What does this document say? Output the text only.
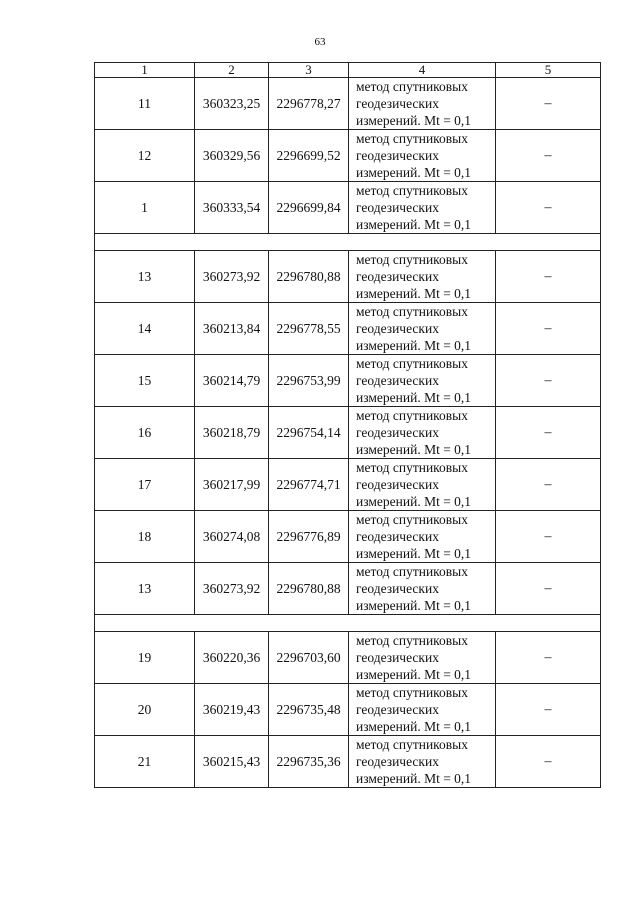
63
1	2	3	4	5
11	360323,25	2296778,27	метод спутниковых
геодезических
измерений. Mt = 0,1	–
12	360329,56	2296699,52	метод спутниковых
геодезических
измерений. Mt = 0,1	–
1	360333,54	2296699,84	метод спутниковых
геодезических
измерений. Mt = 0,1	–

13	360273,92	2296780,88	метод спутниковых
геодезических
измерений. Mt = 0,1	–
14	360213,84	2296778,55	метод спутниковых
геодезических
измерений. Mt = 0,1	–
15	360214,79	2296753,99	метод спутниковых
геодезических
измерений. Mt = 0,1	–
16	360218,79	2296754,14	метод спутниковых
геодезических
измерений. Mt = 0,1	–
17	360217,99	2296774,71	метод спутниковых
геодезических
измерений. Mt = 0,1	–
18	360274,08	2296776,89	метод спутниковых
геодезических
измерений. Mt = 0,1	–
13	360273,92	2296780,88	метод спутниковых
геодезических
измерений. Mt = 0,1	–

19	360220,36	2296703,60	метод спутниковых
геодезических
измерений. Mt = 0,1	–
20	360219,43	2296735,48	метод спутниковых
геодезических
измерений. Mt = 0,1	–
21	360215,43	2296735,36	метод спутниковых
геодезических
измерений. Mt = 0,1	–
